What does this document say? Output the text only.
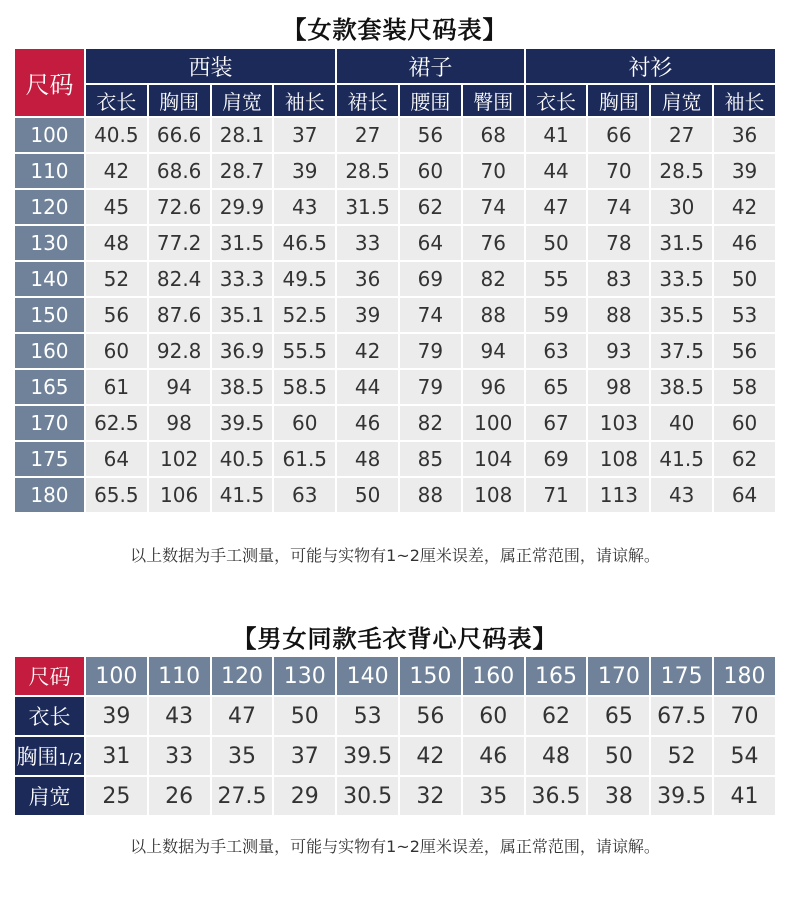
【女款套装尺码表】
尺码	西装				裙子			衬衫			
	衣长	胸围	肩宽	袖长	裙长	腰围	臀围	衣长	胸围	肩宽	袖长
100	40.5	66.6	28.1	37	27	56	68	41	66	27	36
110	42	68.6	28.7	39	28.5	60	70	44	70	28.5	39
120	45	72.6	29.9	43	31.5	62	74	47	74	30	42
130	48	77.2	31.5	46.5	33	64	76	50	78	31.5	46
140	52	82.4	33.3	49.5	36	69	82	55	83	33.5	50
150	56	87.6	35.1	52.5	39	74	88	59	88	35.5	53
160	60	92.8	36.9	55.5	42	79	94	63	93	37.5	56
165	61	94	38.5	58.5	44	79	96	65	98	38.5	58
170	62.5	98	39.5	60	46	82	100	67	103	40	60
175	64	102	40.5	61.5	48	85	104	69	108	41.5	62
180	65.5	106	41.5	63	50	88	108	71	113	43	64
以上数据为手工测量，可能与实物有1~2厘米误差，属正常范围，请谅解。
【男女同款毛衣背心尺码表】
尺码	100	110	120	130	140	150	160	165	170	175	180
衣长	39	43	47	50	53	56	60	62	65	67.5	70
胸围1/2	31	33	35	37	39.5	42	46	48	50	52	54
肩宽	25	26	27.5	29	30.5	32	35	36.5	38	39.5	41
以上数据为手工测量，可能与实物有1~2厘米误差，属正常范围，请谅解。
